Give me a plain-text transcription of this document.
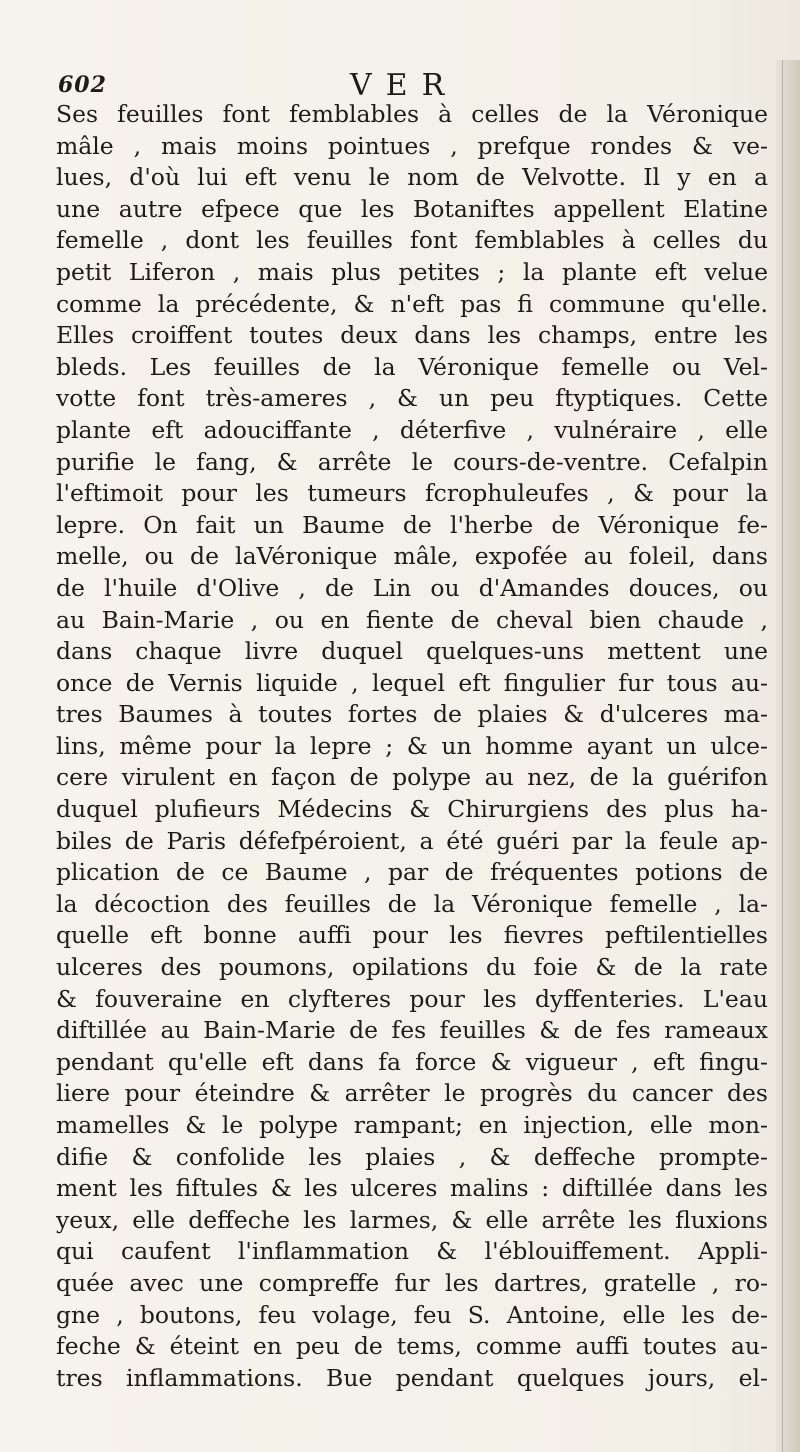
602	VER
Ses feuilles font femblables à celles de la Véronique
mâle , mais moins pointues , prefque rondes & ve-
lues, d'où lui eft venu le nom de Velvotte. Il y en a
une autre efpece que les Botaniftes appellent Elatine
femelle , dont les feuilles font femblables à celles du
petit Liferon , mais plus petites ; la plante eft velue
comme la précédente, & n'eft pas fi commune qu'elle.
Elles croiffent toutes deux dans les champs, entre les
bleds. Les feuilles de la Véronique femelle ou Vel-
votte font très-ameres , & un peu ftyptiques. Cette
plante eft adouciffante , déterfive , vulnéraire , elle
purifie le fang, & arrête le cours-de-ventre. Cefalpin
l'eftimoit pour les tumeurs fcrophuleufes , & pour la
lepre. On fait un Baume de l'herbe de Véronique fe-
melle, ou de laVéronique mâle, expofée au foleil, dans
de l'huile d'Olive , de Lin ou d'Amandes douces, ou
au Bain-Marie , ou en fiente de cheval bien chaude ,
dans chaque livre duquel quelques-uns mettent une
once de Vernis liquide , lequel eft fingulier fur tous au-
tres Baumes à toutes fortes de plaies & d'ulceres ma-
lins, même pour la lepre ; & un homme ayant un ulce-
cere virulent en façon de polype au nez, de la guérifon
duquel plufieurs Médecins & Chirurgiens des plus ha-
biles de Paris défefpéroient, a été guéri par la feule ap-
plication de ce Baume , par de fréquentes potions de
la décoction des feuilles de la Véronique femelle , la-
quelle eft bonne auffi pour les fievres peftilentielles
ulceres des poumons, opilations du foie & de la rate
& fouveraine en clyfteres pour les dyffenteries. L'eau
diftillée au Bain-Marie de fes feuilles & de fes rameaux
pendant qu'elle eft dans fa force & vigueur , eft fingu-
liere pour éteindre & arrêter le progrès du cancer des
mamelles & le polype rampant; en injection, elle mon-
difie & confolide les plaies , & deffeche prompte-
ment les fiftules & les ulceres malins : diftillée dans les
yeux, elle deffeche les larmes, & elle arrête les fluxions
qui caufent l'inflammation & l'éblouiffement. Appli-
quée avec une compreffe fur les dartres, gratelle , ro-
gne , boutons, feu volage, feu S. Antoine, elle les de-
feche & éteint en peu de tems, comme auffi toutes au-
tres inflammations. Bue pendant quelques jours, el-
